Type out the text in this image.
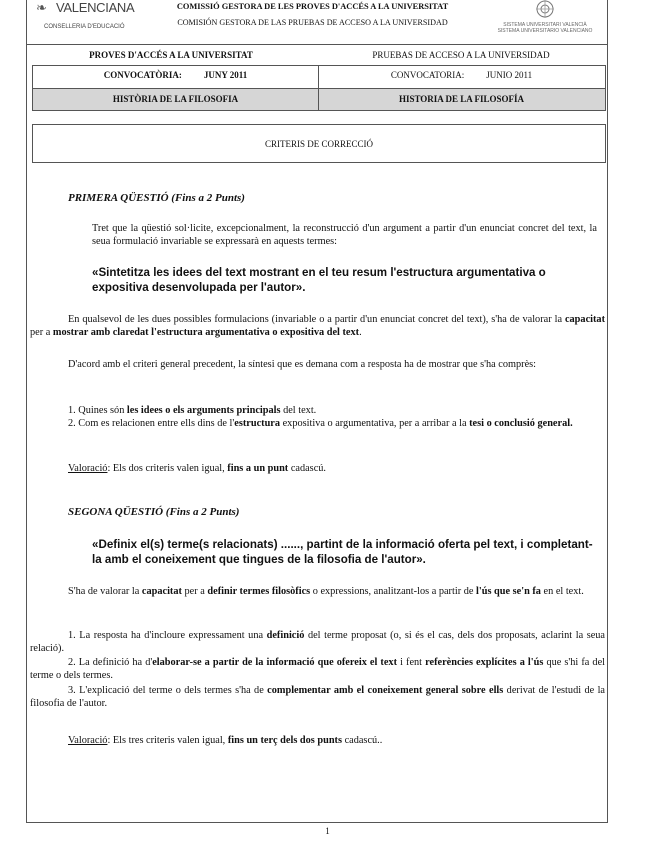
❧ VALENCIANA
CONSELLERIA D'EDUCACIÓ
COMISSIÓ GESTORA DE LES PROVES D'ACCÉS A LA UNIVERSITAT
COMISIÓN GESTORA DE LAS PRUEBAS DE ACCESO A LA UNIVERSIDAD	SISTEMA UNIVERSITARI VALENCIÀ
SISTEMA UNIVERSITARIO VALENCIANO
PROVES D'ACCÉS A LA UNIVERSITAT	PRUEBAS DE ACCESO A LA UNIVERSIDAD
CONVOCATÒRIA: JUNY 2011	CONVOCATORIA: JUNIO 2011
HISTÒRIA DE LA FILOSOFIA	HISTORIA DE LA FILOSOFÍA
CRITERIS DE CORRECCIÓ
PRIMERA QÜESTIÓ (Fins a 2 Punts)
Tret que la qüestió sol·licite, excepcionalment, la reconstrucció d'un argument a partir d'un enunciat concret del text, la seua formulació invariable se expressarà en aquests termes:
«Sintetitza les idees del text mostrant en el teu resum l'estructura argumentativa o expositiva desenvolupada per l'autor».
En qualsevol de les dues possibles formulacions (invariable o a partir d'un enunciat concret del text), s'ha de valorar la capacitat per a mostrar amb claredat l'estructura argumentativa o expositiva del text.
D'acord amb el criteri general precedent, la síntesi que es demana com a resposta ha de mostrar que s'ha comprès:
1. Quines són les idees o els arguments principals del text.
2. Com es relacionen entre ells dins de l'estructura expositiva o argumentativa, per a arribar a la tesi o conclusió general.
Valoració: Els dos criteris valen igual, fins a un punt cadascú.
SEGONA QÜESTIÓ (Fins a 2 Punts)
«Definix el(s) terme(s relacionats) ......, partint de la informació oferta pel text, i completant-la amb el coneixement que tingues de la filosofia de l'autor».
S'ha de valorar la capacitat per a definir termes filosòfics o expressions, analitzant-los a partir de l'ús que se'n fa en el text.
1. La resposta ha d'incloure expressament una definició del terme proposat (o, si és el cas, dels dos proposats, aclarint la seua relació).
2. La definició ha d'elaborar-se a partir de la informació que ofereix el text i fent referències explícites a l'ús que s'hi fa del terme o dels termes.
3. L'explicació del terme o dels termes s'ha de complementar amb el coneixement general sobre ells derivat de l'estudi de la filosofia de l'autor.
Valoració: Els tres criteris valen igual, fins un terç dels dos punts cadascú..
1
